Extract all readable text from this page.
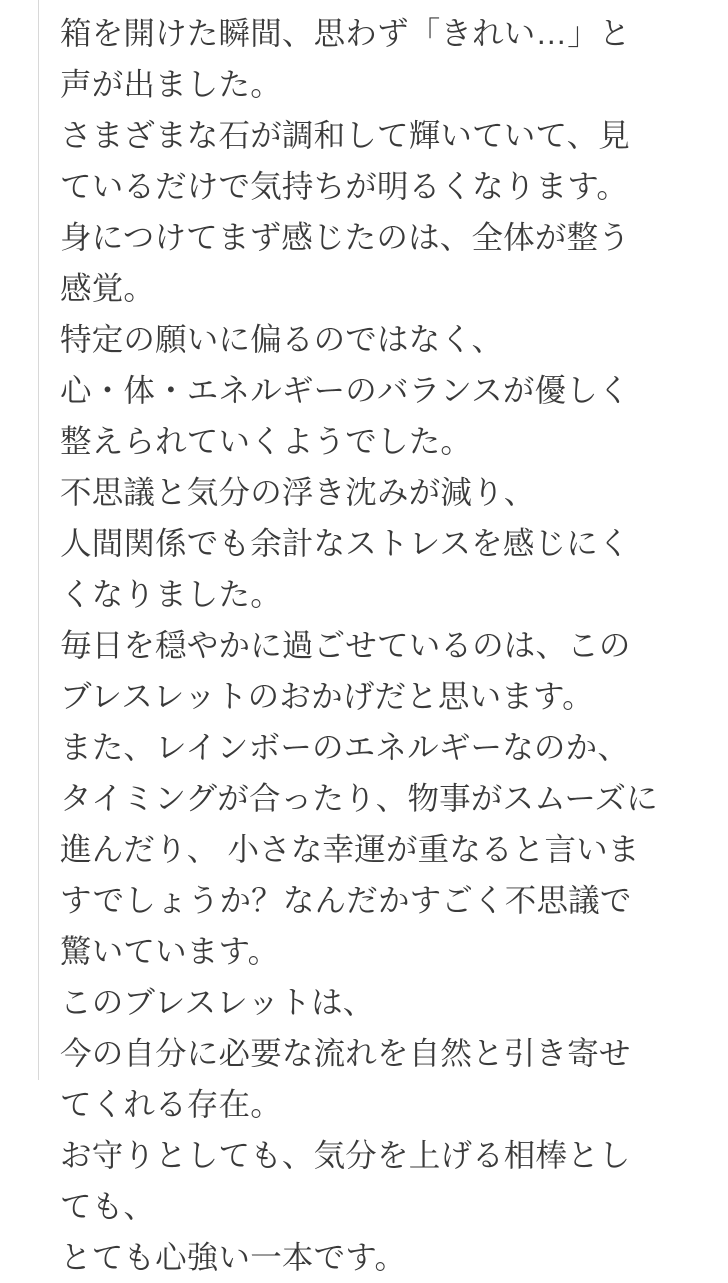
箱を開けた瞬間、思わず「きれい…」と声が出ました。

さまざまな石が調和して輝いていて、見ているだけで気持ちが明るくなります。

身につけてまず感じたのは、全体が整う感覚。

特定の願いに偏るのではなく、

心・体・エネルギーのバランスが優しく整えられていくようでした。

不思議と気分の浮き沈みが減り、

人間関係でも余計なストレスを感じにくくなりました。

毎日を穏やかに過ごせているのは、このブレスレットのおかげだと思います。

また、レインボーのエネルギーなのか、

タイミングが合ったり、物事がスムーズに進んだり、 小さな幸運が重なると言いますでしょうか？なんだかすごく不思議で驚いています。

このブレスレットは、

今の自分に必要な流れを自然と引き寄せてくれる存在。

お守りとしても、気分を上げる相棒としても、

とても心強い一本です。
